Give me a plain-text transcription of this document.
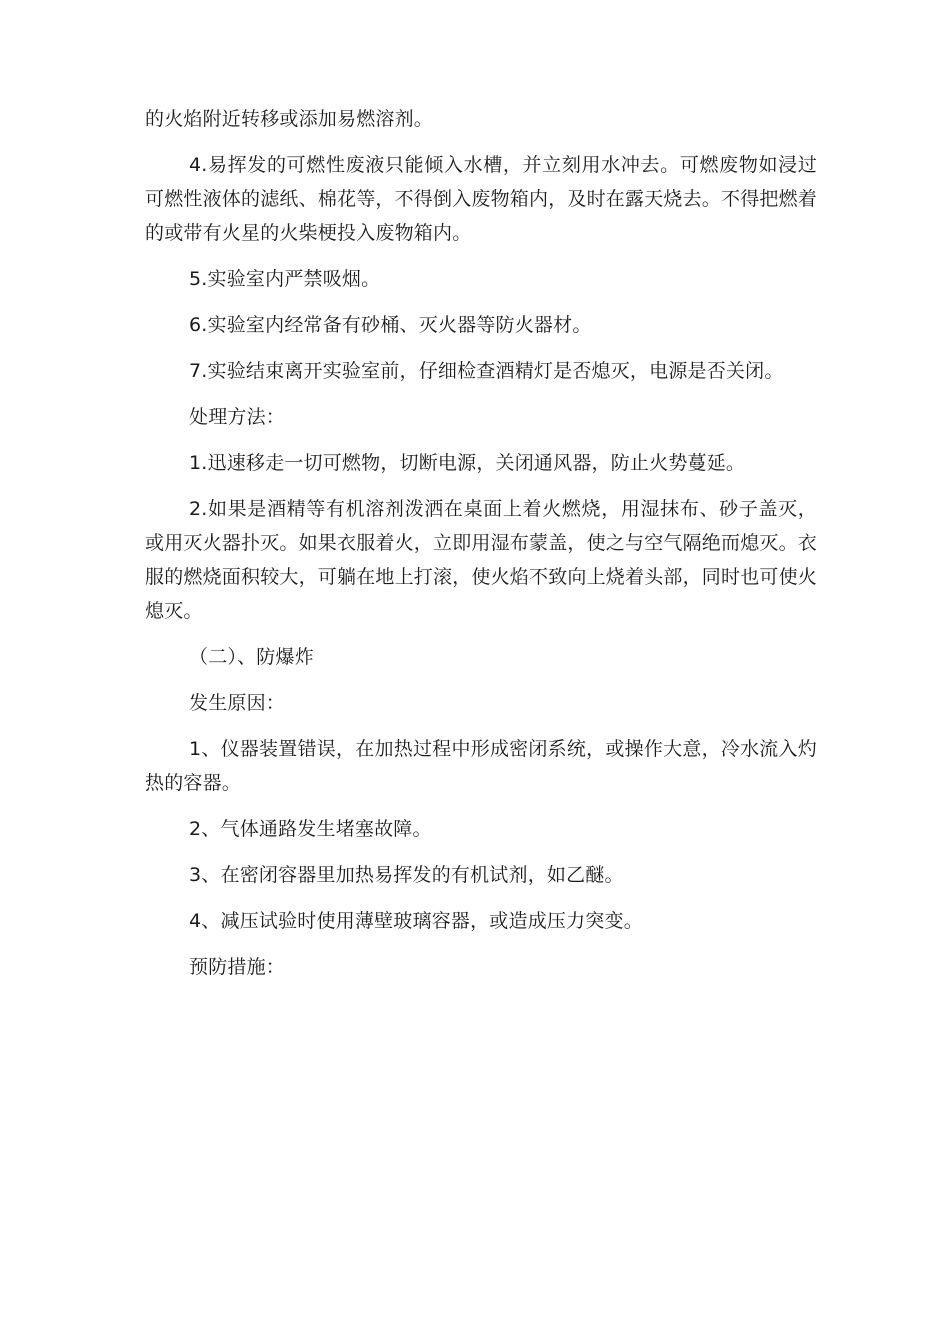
的火焰附近转移或添加易燃溶剂。

4.易挥发的可燃性废液只能倾入水槽，并立刻用水冲去。可燃废物如浸过可燃性液体的滤纸、棉花等，不得倒入废物箱内，及时在露天烧去。不得把燃着的或带有火星的火柴梗投入废物箱内。

5.实验室内严禁吸烟。

6.实验室内经常备有砂桶、灭火器等防火器材。

7.实验结束离开实验室前，仔细检查酒精灯是否熄灭，电源是否关闭。

处理方法：

1.迅速移走一切可燃物，切断电源，关闭通风器，防止火势蔓延。

2.如果是酒精等有机溶剂泼洒在桌面上着火燃烧，用湿抹布、砂子盖灭，或用灭火器扑灭。如果衣服着火，立即用湿布蒙盖，使之与空气隔绝而熄灭。衣服的燃烧面积较大，可躺在地上打滚，使火焰不致向上烧着头部，同时也可使火熄灭。

（二）、防爆炸

发生原因：

1、仪器装置错误，在加热过程中形成密闭系统，或操作大意，冷水流入灼热的容器。

2、气体通路发生堵塞故障。

3、在密闭容器里加热易挥发的有机试剂，如乙醚。

4、减压试验时使用薄壁玻璃容器，或造成压力突变。

预防措施：
